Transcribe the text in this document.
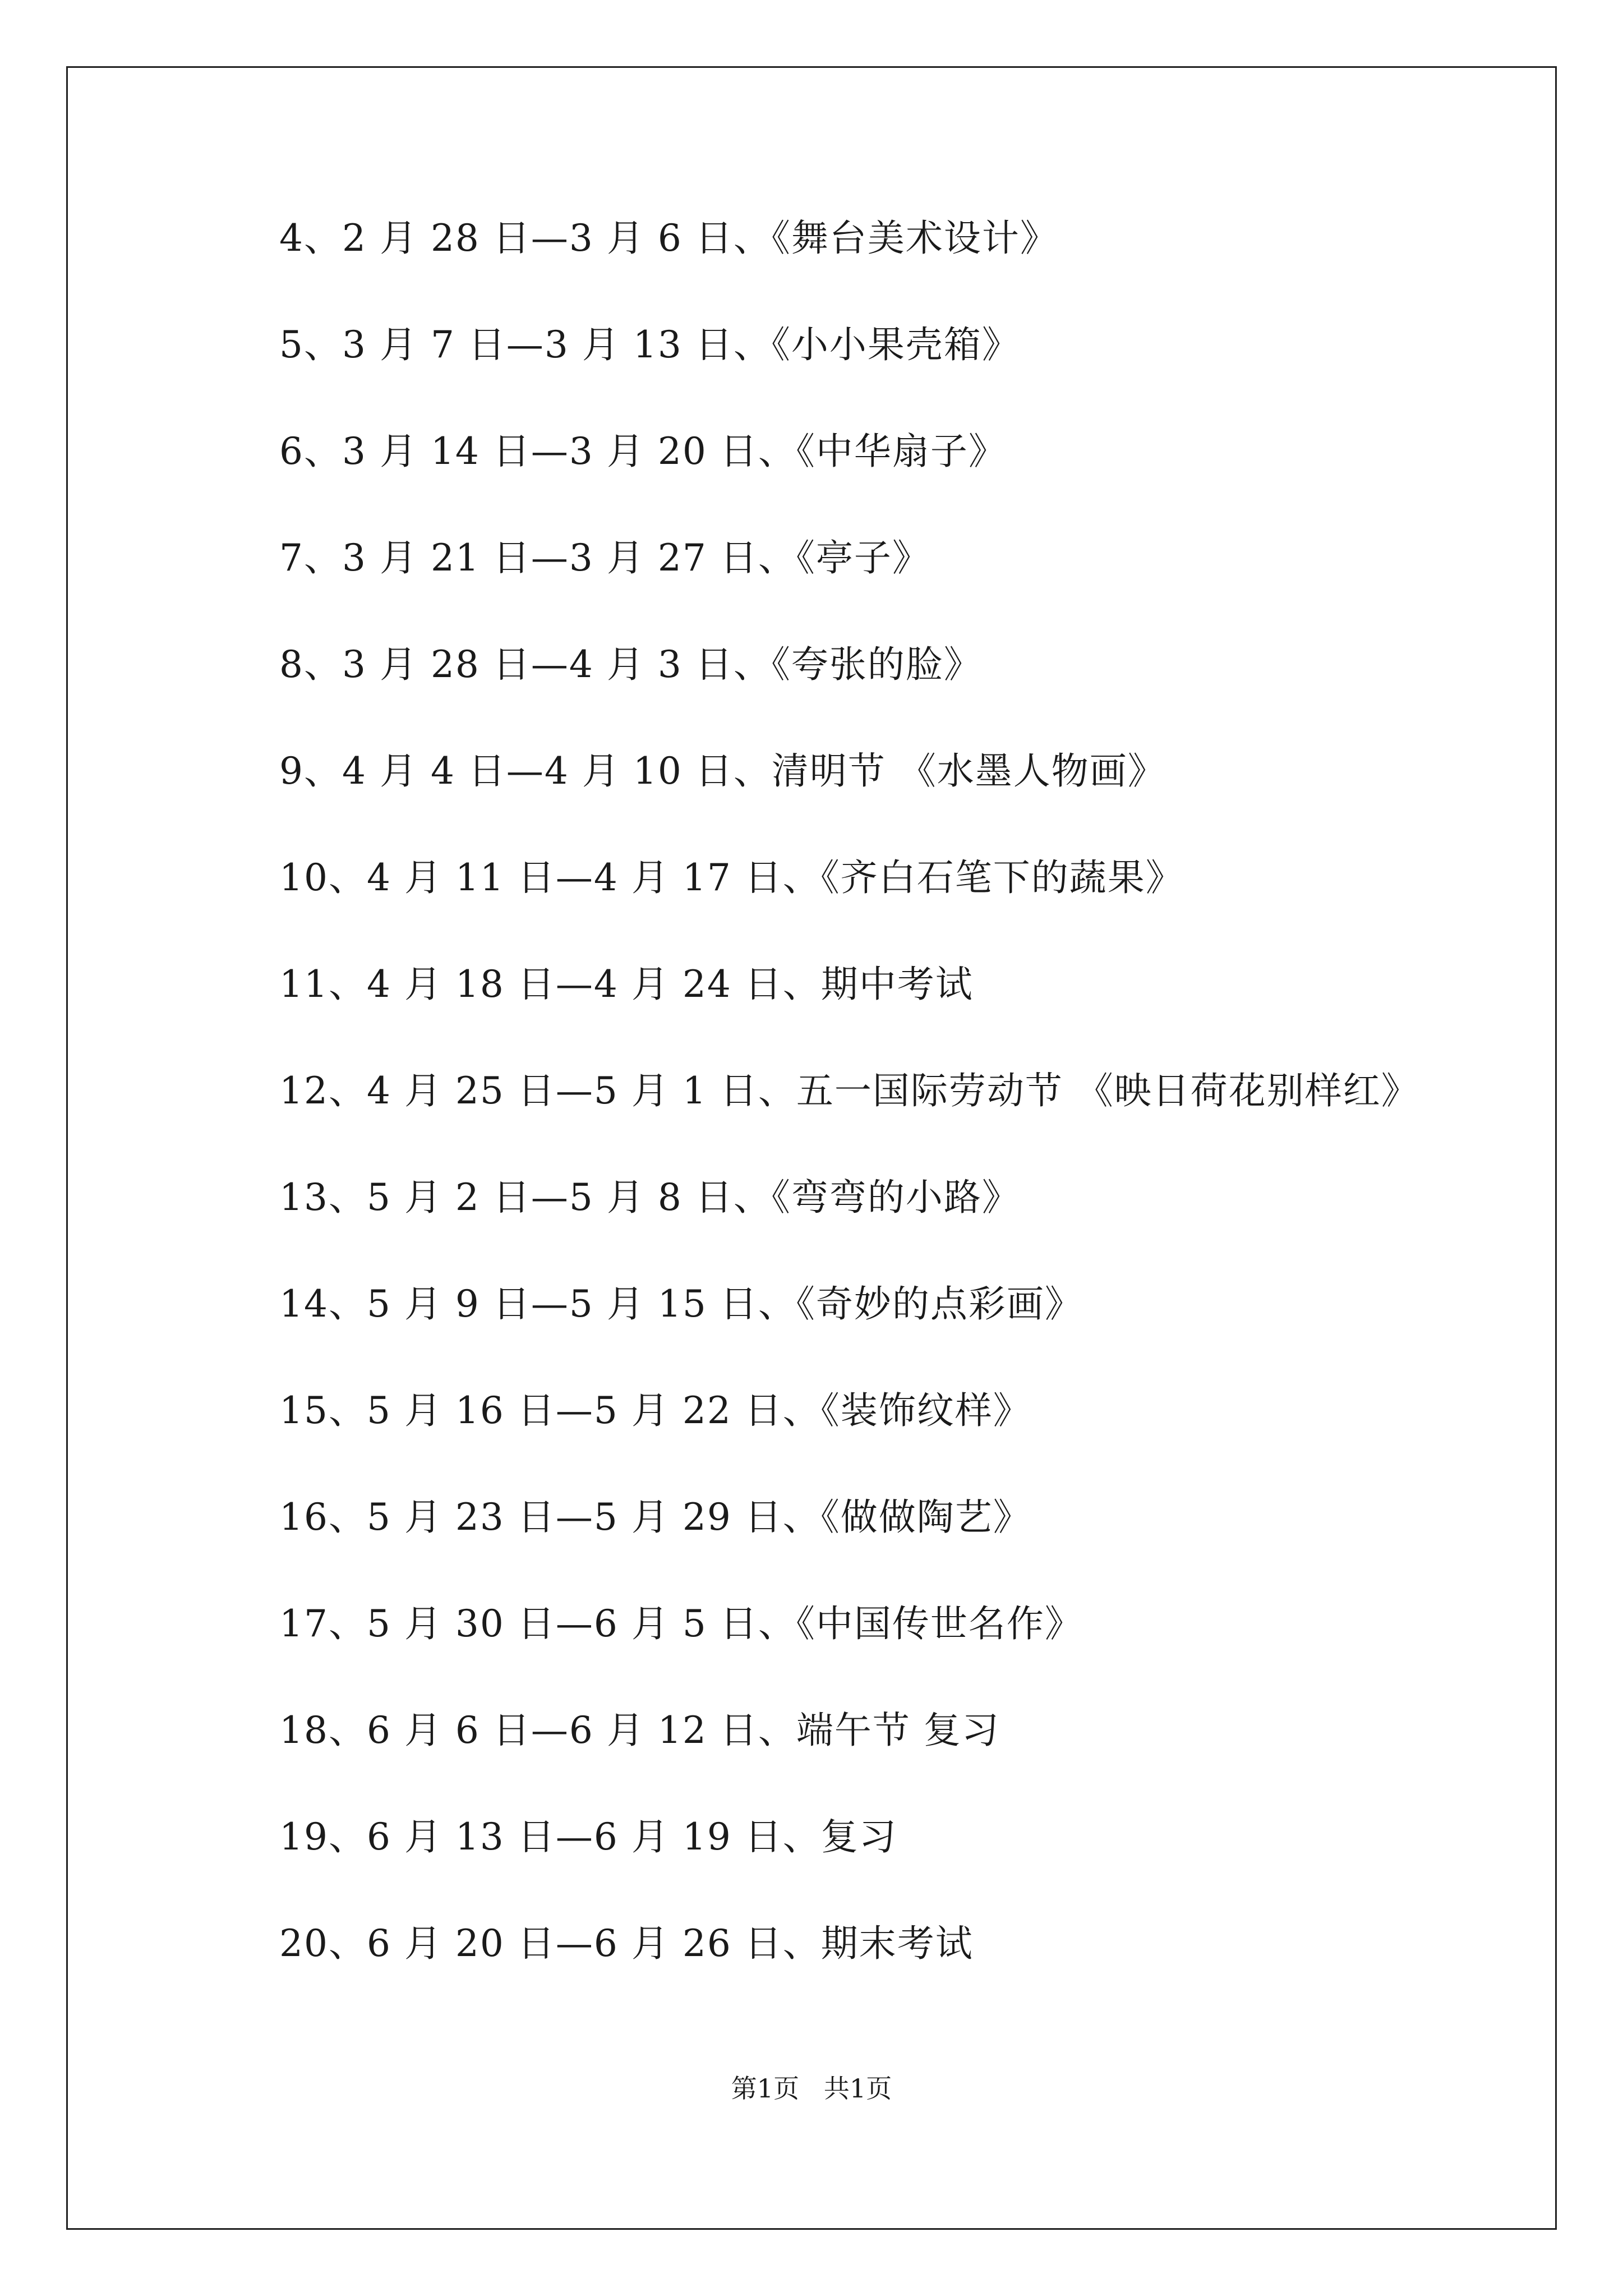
4、2 月 28 日—3 月 6 日、《舞台美术设计》
5、3 月 7 日—3 月 13 日、《小小果壳箱》
6、3 月 14 日—3 月 20 日、《中华扇子》
7、3 月 21 日—3 月 27 日、《亭子》
8、3 月 28 日—4 月 3 日、《夸张的脸》
9、4 月 4 日—4 月 10 日、清明节 《水墨人物画》
10、4 月 11 日—4 月 17 日、《齐白石笔下的蔬果》
11、4 月 18 日—4 月 24 日、期中考试
12、4 月 25 日—5 月 1 日、五一国际劳动节 《映日荷花别样红》
13、5 月 2 日—5 月 8 日、《弯弯的小路》
14、5 月 9 日—5 月 15 日、《奇妙的点彩画》
15、5 月 16 日—5 月 22 日、《装饰纹样》
16、5 月 23 日—5 月 29 日、《做做陶艺》
17、5 月 30 日—6 月 5 日、《中国传世名作》
18、6 月 6 日—6 月 12 日、端午节 复习
19、6 月 13 日—6 月 19 日、复习
20、6 月 20 日—6 月 26 日、期末考试
第1页   共1页
